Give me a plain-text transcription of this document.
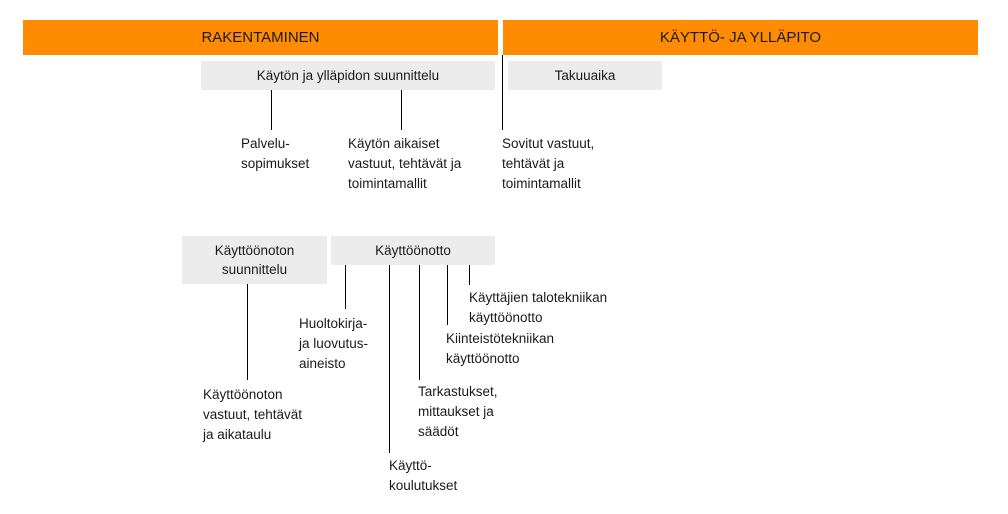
RAKENTAMINEN	KÄYTTÖ- JA YLLÄPITO
Käytön ja ylläpidon suunnittelu	Takuuaika
Palvelu-
sopimukset
Käytön aikaiset
vastuut, tehtävät ja
toimintamallit
Sovitut vastuut,
tehtävät ja
toimintamallit
Käyttöönoton
suunnittelu
Käyttöönotto
Käyttäjien talotekniikan
käyttöönotto
Kiinteistötekniikan
käyttöönotto
Huoltokirja-
ja luovutus-
aineisto
Tarkastukset,
mittaukset ja
säädöt
Käyttöönoton
vastuut, tehtävät
ja aikataulu
Käyttö-
koulutukset
